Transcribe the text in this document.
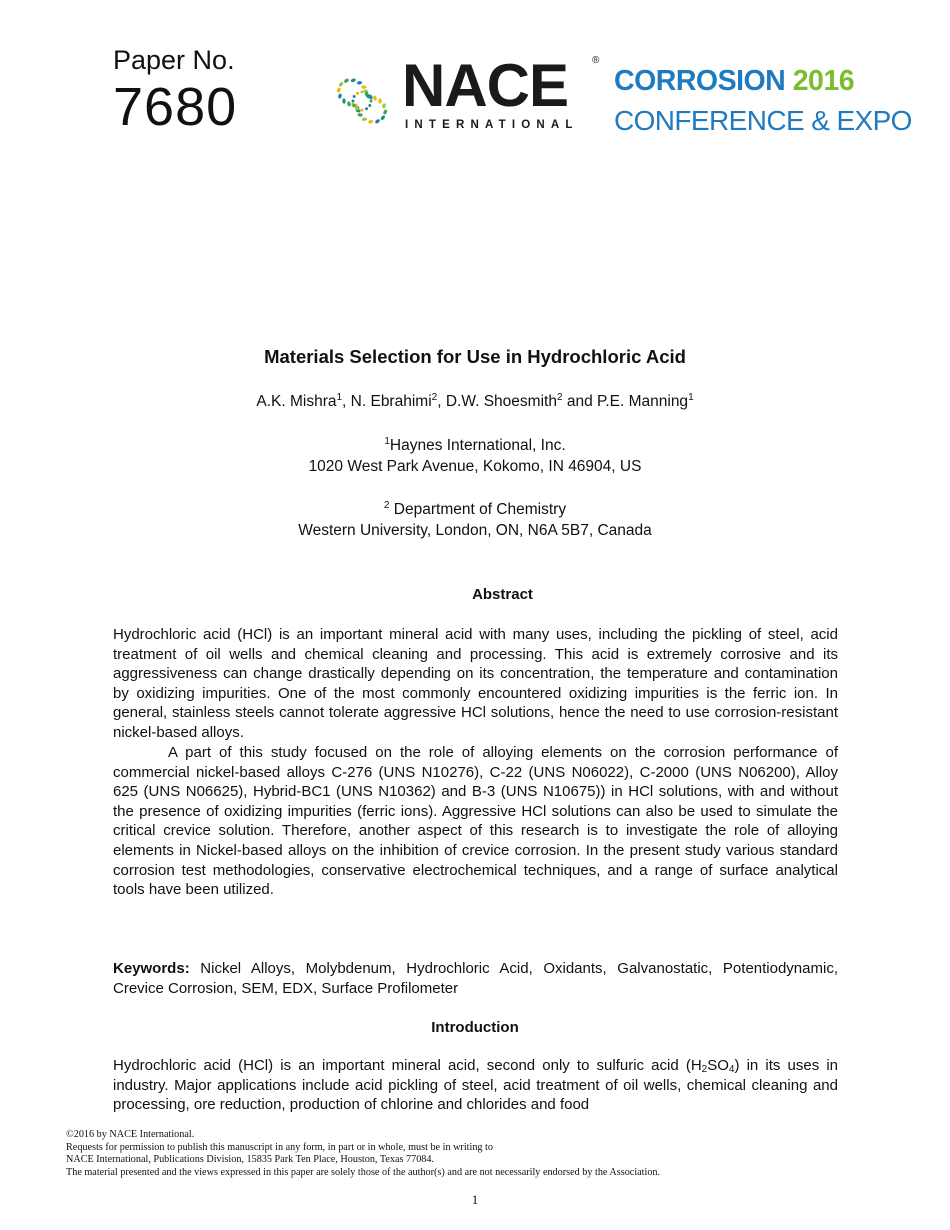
Paper No.
7680	NACE ®
INTERNATIONAL
CORROSION 2016
CONFERENCE & EXPO
Materials Selection for Use in Hydrochloric Acid
A.K. Mishra$^1$, N. Ebrahimi$^2$, D.W. Shoesmith$^2$ and P.E. Manning$^1$
$^1$Haynes International, Inc.
1020 West Park Avenue, Kokomo, IN 46904, US
$^2$ Department of Chemistry
Western University, London, ON, N6A 5B7, Canada
Abstract

Hydrochloric acid (HCl) is an important mineral acid with many uses, including the pickling of steel, acid treatment of oil wells and chemical cleaning and processing. This acid is extremely corrosive and its aggressiveness can change drastically depending on its concentration, the temperature and contamination by oxidizing impurities. One of the most commonly encountered oxidizing impurities is the ferric ion. In general, stainless steels cannot tolerate aggressive HCl solutions, hence the need to use corrosion-resistant nickel-based alloys.

A part of this study focused on the role of alloying elements on the corrosion performance of commercial nickel-based alloys C-276 (UNS N10276), C-22 (UNS N06022), C-2000 (UNS N06200), Alloy 625 (UNS N06625), Hybrid-BC1 (UNS N10362) and B-3 (UNS N10675)) in HCl solutions, with and without the presence of oxidizing impurities (ferric ions). Aggressive HCl solutions can also be used to simulate the critical crevice solution. Therefore, another aspect of this research is to investigate the role of alloying elements in Nickel-based alloys on the inhibition of crevice corrosion. In the present study various standard corrosion test methodologies, conservative electrochemical techniques, and a range of surface analytical tools have been utilized.

Keywords: Nickel Alloys, Molybdenum, Hydrochloric Acid, Oxidants, Galvanostatic, Potentiodynamic, Crevice Corrosion, SEM, EDX, Surface Profilometer

Introduction

Hydrochloric acid (HCl) is an important mineral acid, second only to sulfuric acid $(H_2SO_4)$ in its uses in industry. Major applications include acid pickling of steel, acid treatment of oil wells, chemical cleaning and processing, ore reduction, production of chlorine and chlorides and food

©2016 by NACE International.
Requests for permission to publish this manuscript in any form, in part or in whole, must be in writing to
NACE International, Publications Division, 15835 Park Ten Place, Houston, Texas 77084.
The material presented and the views expressed in this paper are solely those of the author(s) and are not necessarily endorsed by the Association.
1
